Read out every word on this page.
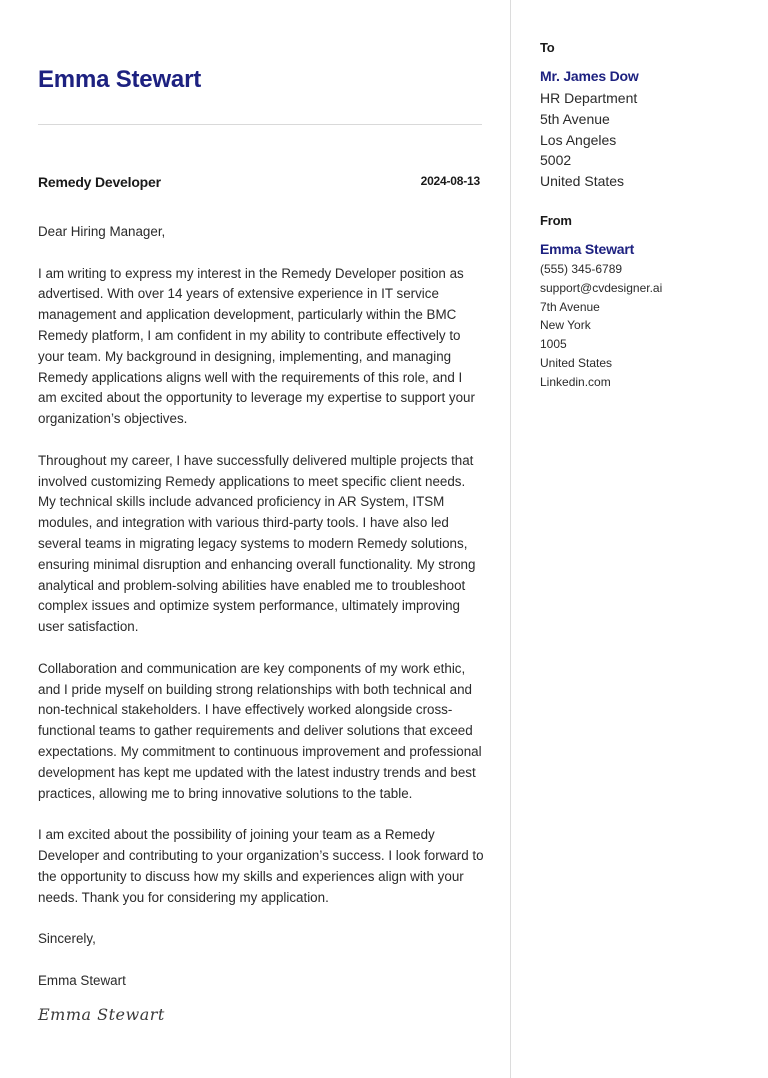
Emma Stewart
Remedy Developer	2024-08-13

Dear Hiring Manager,

I am writing to express my interest in the Remedy Developer position as advertised. With over 14 years of extensive experience in IT service management and application development, particularly within the BMC Remedy platform, I am confident in my ability to contribute effectively to your team. My background in designing, implementing, and managing Remedy applications aligns well with the requirements of this role, and I am excited about the opportunity to leverage my expertise to support your organization’s objectives.

Throughout my career, I have successfully delivered multiple projects that involved customizing Remedy applications to meet specific client needs. My technical skills include advanced proficiency in AR System, ITSM modules, and integration with various third-party tools. I have also led several teams in migrating legacy systems to modern Remedy solutions, ensuring minimal disruption and enhancing overall functionality. My strong analytical and problem-solving abilities have enabled me to troubleshoot complex issues and optimize system performance, ultimately improving user satisfaction.

Collaboration and communication are key components of my work ethic, and I pride myself on building strong relationships with both technical and non-technical stakeholders. I have effectively worked alongside cross-functional teams to gather requirements and deliver solutions that exceed expectations. My commitment to continuous improvement and professional development has kept me updated with the latest industry trends and best practices, allowing me to bring innovative solutions to the table.

I am excited about the possibility of joining your team as a Remedy Developer and contributing to your organization’s success. I look forward to the opportunity to discuss how my skills and experiences align with your needs. Thank you for considering my application.

Sincerely,

Emma Stewart

Emma Stewart
To
Mr. James Dow
HR Department
5th Avenue
Los Angeles
5002
United States
From
Emma Stewart
(555) 345-6789
support@cvdesigner.ai
7th Avenue
New York
1005
United States
Linkedin.com
